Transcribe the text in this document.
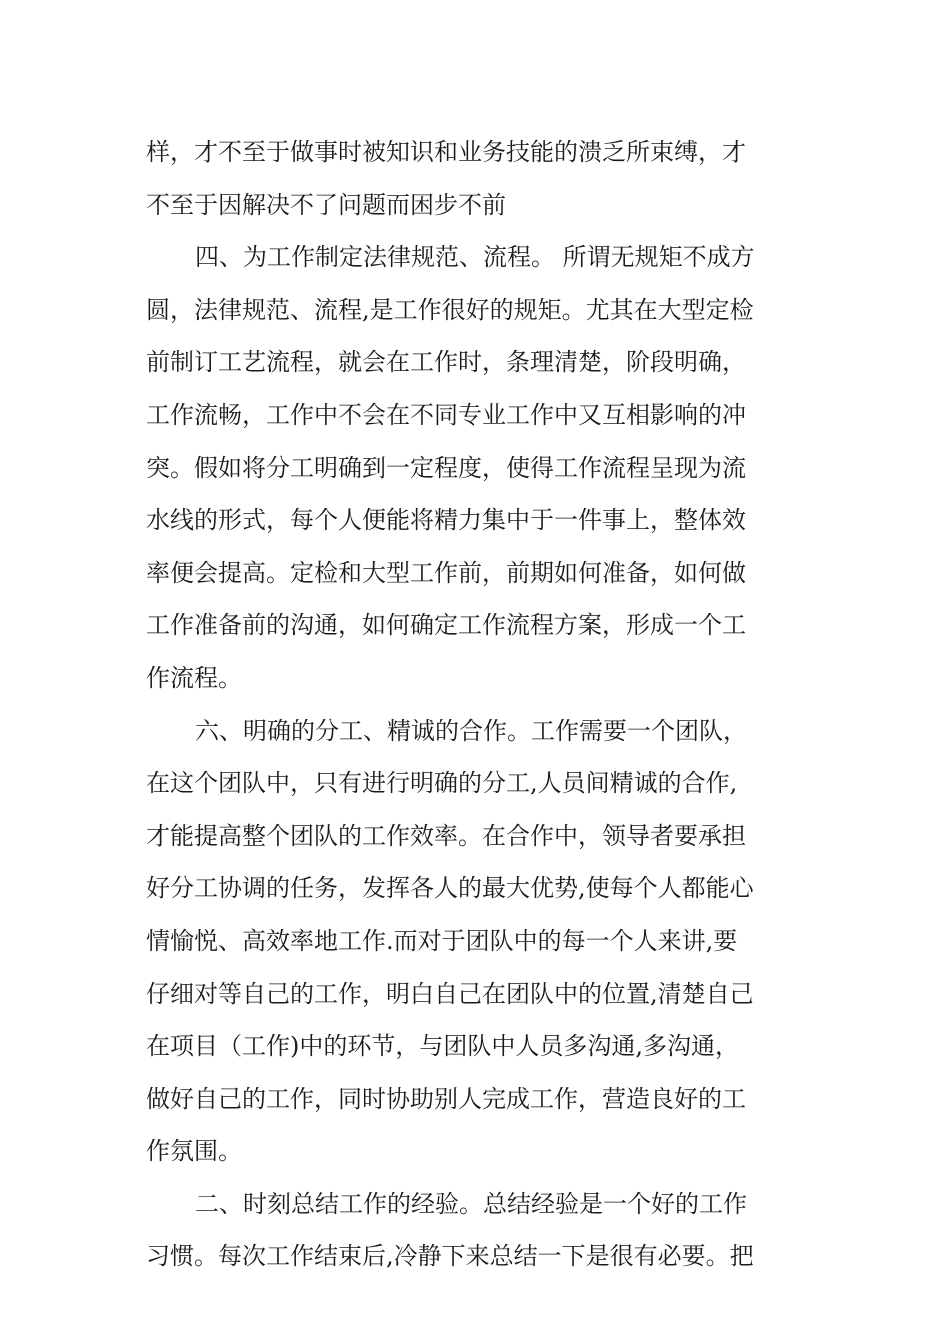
样，才不至于做事时被知识和业务技能的溃乏所束缚，才
不至于因解决不了问题而困步不前
四、为工作制定法律规范、流程。 所谓无规矩不成方
圆，法律规范、流程,是工作很好的规矩。尤其在大型定检
前制订工艺流程，就会在工作时，条理清楚，阶段明确，
工作流畅，工作中不会在不同专业工作中又互相影响的冲
突。假如将分工明确到一定程度，使得工作流程呈现为流
水线的形式，每个人便能将精力集中于一件事上，整体效
率便会提高。定检和大型工作前，前期如何准备，如何做
工作准备前的沟通，如何确定工作流程方案，形成一个工
作流程。
六、明确的分工、精诚的合作。工作需要一个团队，
在这个团队中，只有进行明确的分工,人员间精诚的合作,
才能提高整个团队的工作效率。在合作中，领导者要承担
好分工协调的任务，发挥各人的最大优势,使每个人都能心
情愉悦、高效率地工作.而对于团队中的每一个人来讲,要
仔细对等自己的工作，明白自己在团队中的位置,清楚自己
在项目（工作)中的环节，与团队中人员多沟通,多沟通，
做好自己的工作，同时协助别人完成工作，营造良好的工
作氛围。
二、时刻总结工作的经验。总结经验是一个好的工作
习惯。每次工作结束后,冷静下来总结一下是很有必要。把
